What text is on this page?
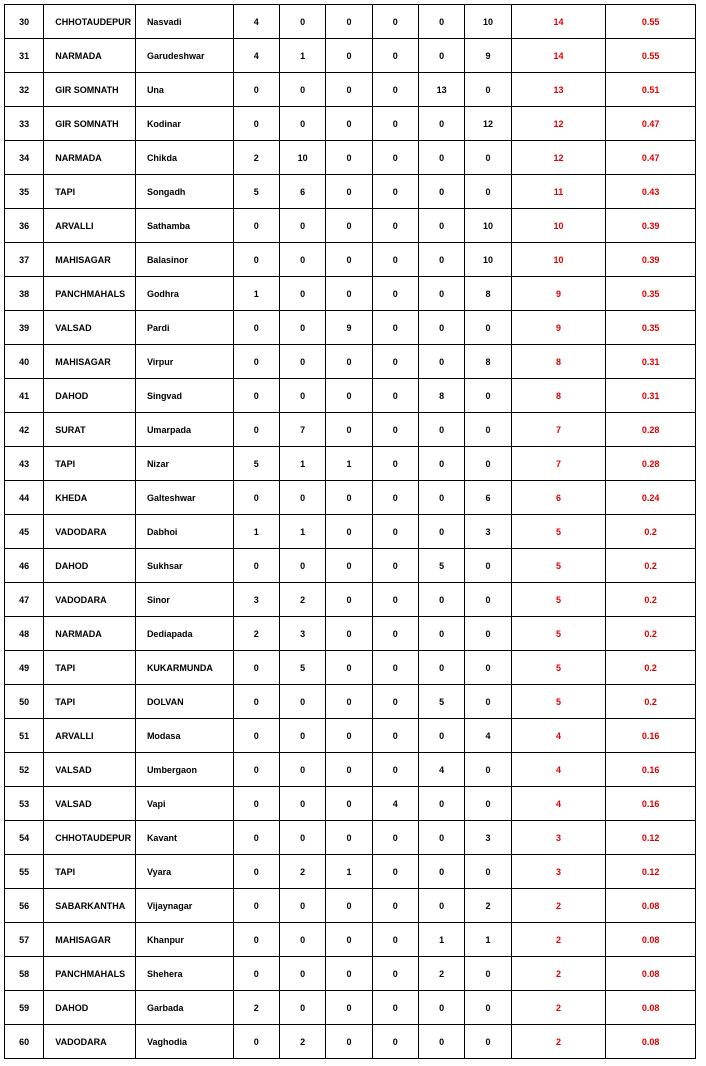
30	CHHOTAUDEPUR	Nasvadi	4	0	0	0	0	10	14	0.55
31	NARMADA	Garudeshwar	4	1	0	0	0	9	14	0.55
32	GIR SOMNATH	Una	0	0	0	0	13	0	13	0.51
33	GIR SOMNATH	Kodinar	0	0	0	0	0	12	12	0.47
34	NARMADA	Chikda	2	10	0	0	0	0	12	0.47
35	TAPI	Songadh	5	6	0	0	0	0	11	0.43
36	ARVALLI	Sathamba	0	0	0	0	0	10	10	0.39
37	MAHISAGAR	Balasinor	0	0	0	0	0	10	10	0.39
38	PANCHMAHALS	Godhra	1	0	0	0	0	8	9	0.35
39	VALSAD	Pardi	0	0	9	0	0	0	9	0.35
40	MAHISAGAR	Virpur	0	0	0	0	0	8	8	0.31
41	DAHOD	Singvad	0	0	0	0	8	0	8	0.31
42	SURAT	Umarpada	0	7	0	0	0	0	7	0.28
43	TAPI	Nizar	5	1	1	0	0	0	7	0.28
44	KHEDA	Galteshwar	0	0	0	0	0	6	6	0.24
45	VADODARA	Dabhoi	1	1	0	0	0	3	5	0.2
46	DAHOD	Sukhsar	0	0	0	0	5	0	5	0.2
47	VADODARA	Sinor	3	2	0	0	0	0	5	0.2
48	NARMADA	Dediapada	2	3	0	0	0	0	5	0.2
49	TAPI	KUKARMUNDA	0	5	0	0	0	0	5	0.2
50	TAPI	DOLVAN	0	0	0	0	5	0	5	0.2
51	ARVALLI	Modasa	0	0	0	0	0	4	4	0.16
52	VALSAD	Umbergaon	0	0	0	0	4	0	4	0.16
53	VALSAD	Vapi	0	0	0	4	0	0	4	0.16
54	CHHOTAUDEPUR	Kavant	0	0	0	0	0	3	3	0.12
55	TAPI	Vyara	0	2	1	0	0	0	3	0.12
56	SABARKANTHA	Vijaynagar	0	0	0	0	0	2	2	0.08
57	MAHISAGAR	Khanpur	0	0	0	0	1	1	2	0.08
58	PANCHMAHALS	Shehera	0	0	0	0	2	0	2	0.08
59	DAHOD	Garbada	2	0	0	0	0	0	2	0.08
60	VADODARA	Vaghodia	0	2	0	0	0	0	2	0.08
